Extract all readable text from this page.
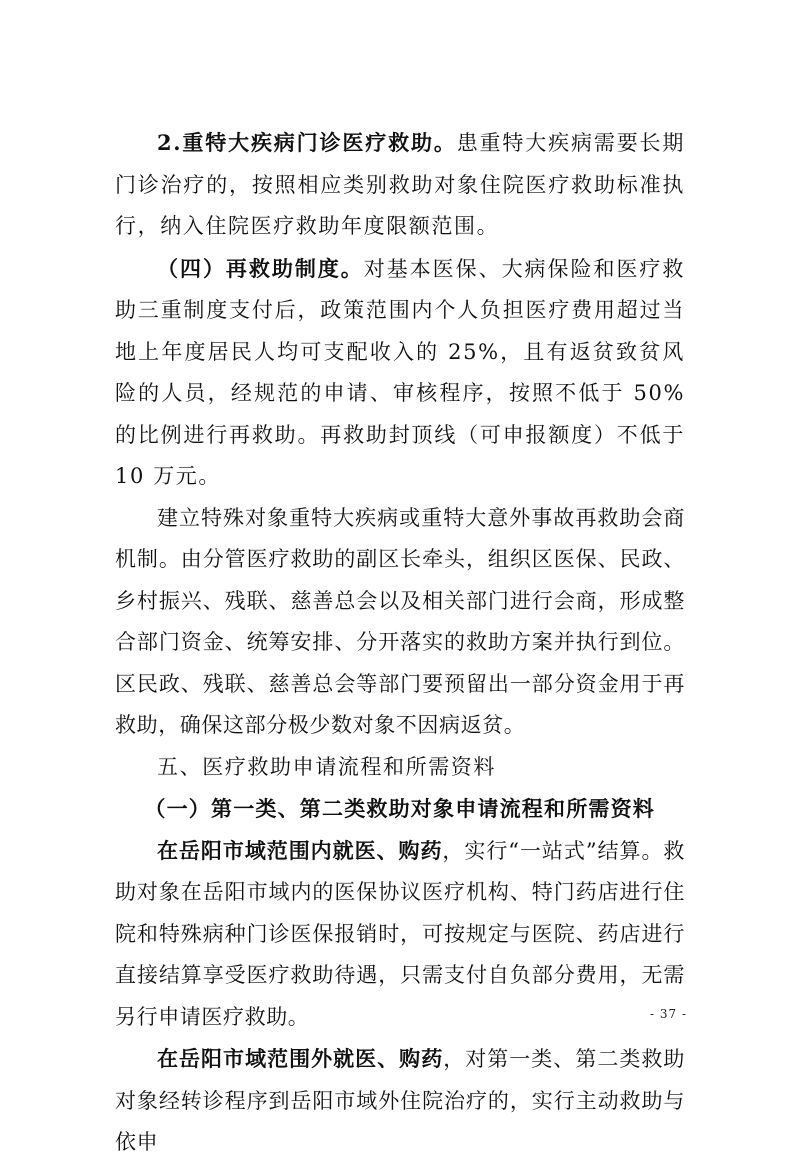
2.重特大疾病门诊医疗救助。患重特大疾病需要长期门诊治疗的，按照相应类别救助对象住院医疗救助标准执行，纳入住院医疗救助年度限额范围。

（四）再救助制度。对基本医保、大病保险和医疗救助三重制度支付后，政策范围内个人负担医疗费用超过当地上年度居民人均可支配收入的 25%，且有返贫致贫风险的人员，经规范的申请、审核程序，按照不低于 50%的比例进行再救助。再救助封顶线（可申报额度）不低于 10 万元。

建立特殊对象重特大疾病或重特大意外事故再救助会商机制。由分管医疗救助的副区长牵头，组织区医保、民政、乡村振兴、残联、慈善总会以及相关部门进行会商，形成整合部门资金、统筹安排、分开落实的救助方案并执行到位。区民政、残联、慈善总会等部门要预留出一部分资金用于再救助，确保这部分极少数对象不因病返贫。

五、医疗救助申请流程和所需资料

（一）第一类、第二类救助对象申请流程和所需资料

在岳阳市域范围内就医、购药，实行“一站式”结算。救助对象在岳阳市域内的医保协议医疗机构、特门药店进行住院和特殊病种门诊医保报销时，可按规定与医院、药店进行直接结算享受医疗救助待遇，只需支付自负部分费用，无需另行申请医疗救助。

在岳阳市域范围外就医、购药，对第一类、第二类救助对象经转诊程序到岳阳市域外住院治疗的，实行主动救助与依申

- 37 -
